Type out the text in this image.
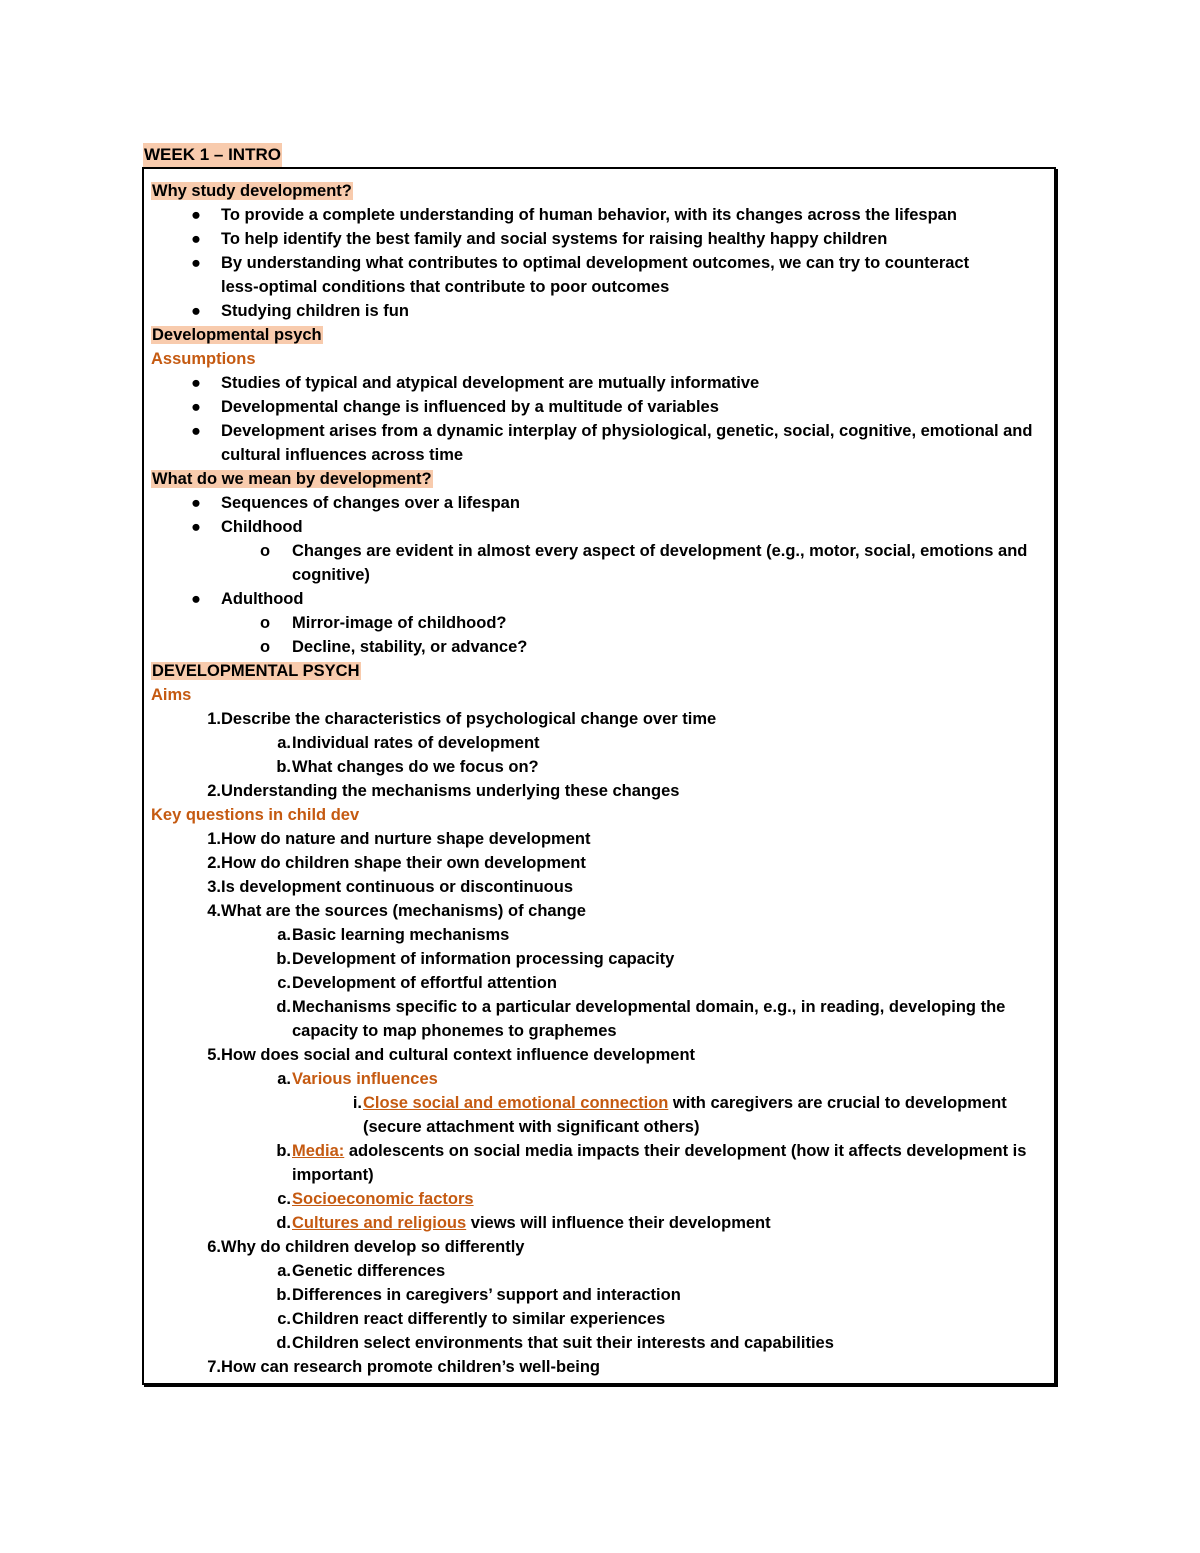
WEEK 1 – INTRO
Why study development?
● To provide a complete understanding of human behavior, with its changes across the lifespan
● To help identify the best family and social systems for raising healthy happy children
● By understanding what contributes to optimal development outcomes, we can try to counteract
less-optimal conditions that contribute to poor outcomes
● Studying children is fun
Developmental psych
Assumptions
● Studies of typical and atypical development are mutually informative
● Developmental change is influenced by a multitude of variables
● Development arises from a dynamic interplay of physiological, genetic, social, cognitive, emotional and
cultural influences across time
What do we mean by development?
● Sequences of changes over a lifespan
● Childhood
o Changes are evident in almost every aspect of development (e.g., motor, social, emotions and
cognitive)
● Adulthood
o Mirror-image of childhood?
o Decline, stability, or advance?
DEVELOPMENTAL PSYCH
Aims
1. Describe the characteristics of psychological change over time
a. Individual rates of development
b. What changes do we focus on?
2. Understanding the mechanisms underlying these changes
Key questions in child dev
1. How do nature and nurture shape development
2. How do children shape their own development
3. Is development continuous or discontinuous
4. What are the sources (mechanisms) of change
a. Basic learning mechanisms
b. Development of information processing capacity
c. Development of effortful attention
d. Mechanisms specific to a particular developmental domain, e.g., in reading, developing the
capacity to map phonemes to graphemes
5. How does social and cultural context influence development
a. Various influences
i. Close social and emotional connection with caregivers are crucial to development
(secure attachment with significant others)
b. Media: adolescents on social media impacts their development (how it affects development is
important)
c. Socioeconomic factors
d. Cultures and religious views will influence their development
6. Why do children develop so differently
a. Genetic differences
b. Differences in caregivers’ support and interaction
c. Children react differently to similar experiences
d. Children select environments that suit their interests and capabilities
7. How can research promote children’s well-being
